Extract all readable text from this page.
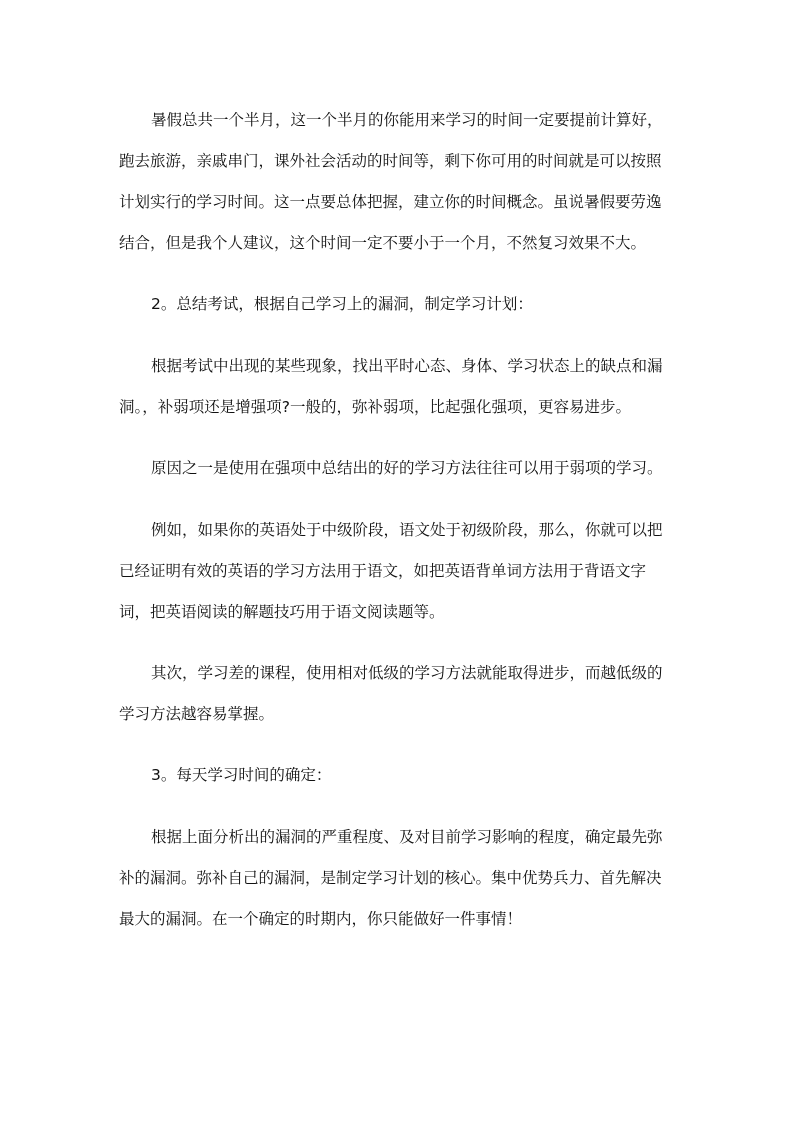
暑假总共一个半月，这一个半月的你能用来学习的时间一定要提前计算好，
跑去旅游，亲戚串门，课外社会活动的时间等，剩下你可用的时间就是可以按照
计划实行的学习时间。这一点要总体把握，建立你的时间概念。虽说暑假要劳逸
结合，但是我个人建议，这个时间一定不要小于一个月，不然复习效果不大。
2。总结考试，根据自己学习上的漏洞，制定学习计划：
根据考试中出现的某些现象，找出平时心态、身体、学习状态上的缺点和漏
洞。，补弱项还是增强项?一般的，弥补弱项，比起强化强项，更容易进步。
原因之一是使用在强项中总结出的好的学习方法往往可以用于弱项的学习。
例如，如果你的英语处于中级阶段，语文处于初级阶段，那么，你就可以把
已经证明有效的英语的学习方法用于语文，如把英语背单词方法用于背语文字
词，把英语阅读的解题技巧用于语文阅读题等。
其次，学习差的课程，使用相对低级的学习方法就能取得进步，而越低级的
学习方法越容易掌握。
3。每天学习时间的确定：
根据上面分析出的漏洞的严重程度、及对目前学习影响的程度，确定最先弥
补的漏洞。弥补自己的漏洞，是制定学习计划的核心。集中优势兵力、首先解决
最大的漏洞。在一个确定的时期内，你只能做好一件事情！
